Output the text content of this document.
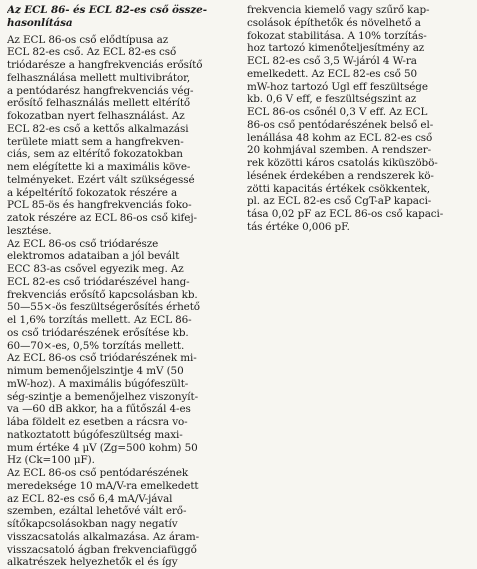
Az ECL 86- és ECL 82-es cső össze-
hasonlítása
Az ECL 86-os cső elődtípusa az
ECL 82-es cső. Az ECL 82-es cső
triódarésze a hangfrekvenciás erősítő
felhasználása mellett multivibrátor,
a pentódarész hangfrekvenciás vég-
erősítő felhasználás mellett eltérítő
fokozatban nyert felhasználást. Az
ECL 82-es cső a kettős alkalmazási
területe miatt sem a hangfrekven-
ciás, sem az eltérítő fokozatokban
nem elégítette ki a maximális köve-
telményeket. Ezért vált szükségessé
a képeltérítő fokozatok részére a
PCL 85-ös és hangfrekvenciás foko-
zatok részére az ECL 86-os cső kifej-
lesztése.
Az ECL 86-os cső triódarésze
elektromos adataiban a jól bevált
ECC 83-as csővel egyezik meg. Az
ECL 82-es cső triódarészével hang-
frekvenciás erősítő kapcsolásban kb.
50—55×-ös feszültségerősítés érhető
el 1,6% torzítás mellett. Az ECL 86-
os cső triódarészének erősítése kb.
60—70×-es, 0,5% torzítás mellett.
Az ECL 86-os cső triódarészének mi-
nimum bemenőjelszintje 4 mV (50
mW-hoz). A maximális búgófeszült-
ség-szintje a bemenőjelhez viszonyít-
va —60 dB akkor, ha a fűtőszál 4-es
lába földelt ez esetben a rácsra vo-
natkoztatott búgófeszültség maxi-
mum értéke 4 μV (Zg=500 kohm) 50
Hz (Ck=100 μF).
Az ECL 86-os cső pentódarészének
meredeksége 10 mA/V-ra emelkedett
az ECL 82-es cső 6,4 mA/V-jával
szemben, ezáltal lehetővé vált erő-
sítőkapcsolásokban nagy negatív
visszacsatolás alkalmazása. Az áram-
visszacsatoló ágban frekvenciafüggő
alkatrészek helyezhetők el és így
frekvencia kiemelő vagy szűrő kap-
csolások építhetők és növelhető a
fokozat stabilitása. A 10% torzítás-
hoz tartozó kimenőteljesítmény az
ECL 82-es cső 3,5 W-járól 4 W-ra
emelkedett. Az ECL 82-es cső 50
mW-hoz tartozó Ugl eff feszültsége
kb. 0,6 V eff, e feszültségszint az
ECL 86-os csőnél 0,3 V eff. Az ECL
86-os cső pentódarészének belső el-
lenállása 48 kohm az ECL 82-es cső
20 kohmjával szemben. A rendszer-
rek közötti káros csatolás kiküszöbö-
lésének érdekében a rendszerek kö-
zötti kapacitás értékek csökkentek,
pl. az ECL 82-es cső CgT-aP kapaci-
tása 0,02 pF az ECL 86-os cső kapaci-
tás értéke 0,006 pF.
